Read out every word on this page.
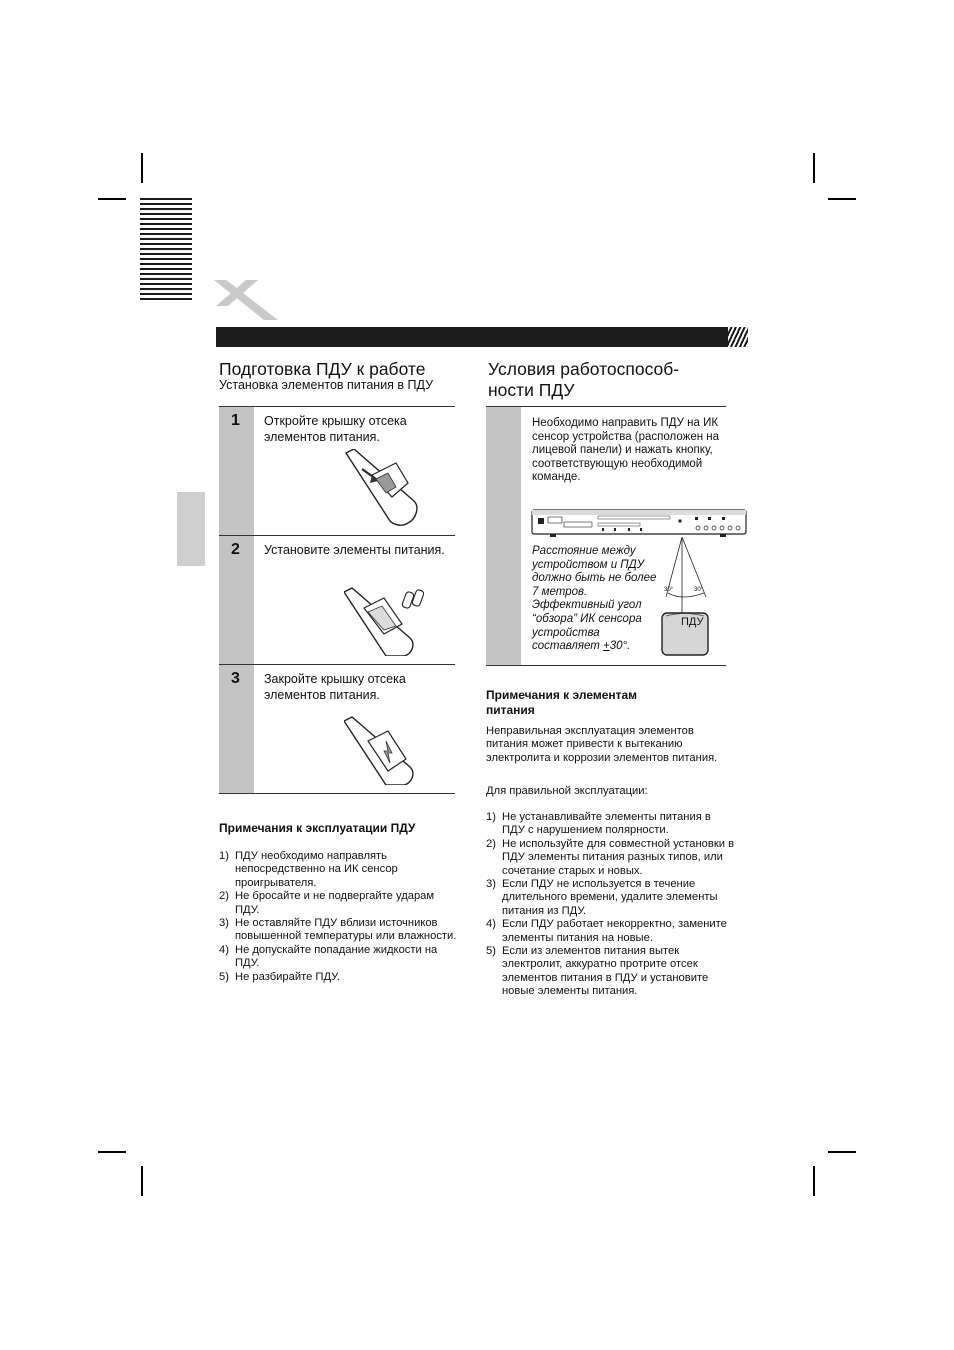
Подготовка ПДУ к работе
Установка элементов питания в ПДУ
1 Откройте крышку отсека элементов питания.
2 Установите элементы питания.
3 Закройте крышку отсека элементов питания.
Примечания к эксплуатации ПДУ
1) ПДУ необходимо направлять непосредственно на ИК сенсор проигрывателя.
2) Не бросайте и не подвергайте ударам ПДУ.
3) Не оставляйте ПДУ вблизи источников повышенной температуры или влажности.
4) Не допускайте попадание жидкости на ПДУ.
5) Не разбирайте ПДУ.
Условия работоспособ-
ности ПДУ
Необходимо направить ПДУ на ИК сенсор устройства (расположен на лицевой панели) и нажать кнопку, соответствующую необходимой команде.
30°	30°
ПДУ
Расстояние между устройством и ПДУ должно быть не более 7 метров. Эффективный угол “обзора” ИК сенсора устройства составляет +30°.
Примечания к элементам
питания
Неправильная эксплуатация элементов питания может привести к вытеканию электролита и коррозии элементов питания.
Для правильной эксплуатации:
1) Не устанавливайте элементы питания в ПДУ с нарушением полярности.
2) Не используйте для совместной установки в ПДУ элементы питания разных типов, или сочетание старых и новых.
3) Если ПДУ не используется в течение длительного времени, удалите элементы питания из ПДУ.
4) Если ПДУ работает некорректно, замените элементы питания на новые.
5) Если из элементов питания вытек электролит, аккуратно протрите отсек элементов питания в ПДУ и установите новые элементы питания.
